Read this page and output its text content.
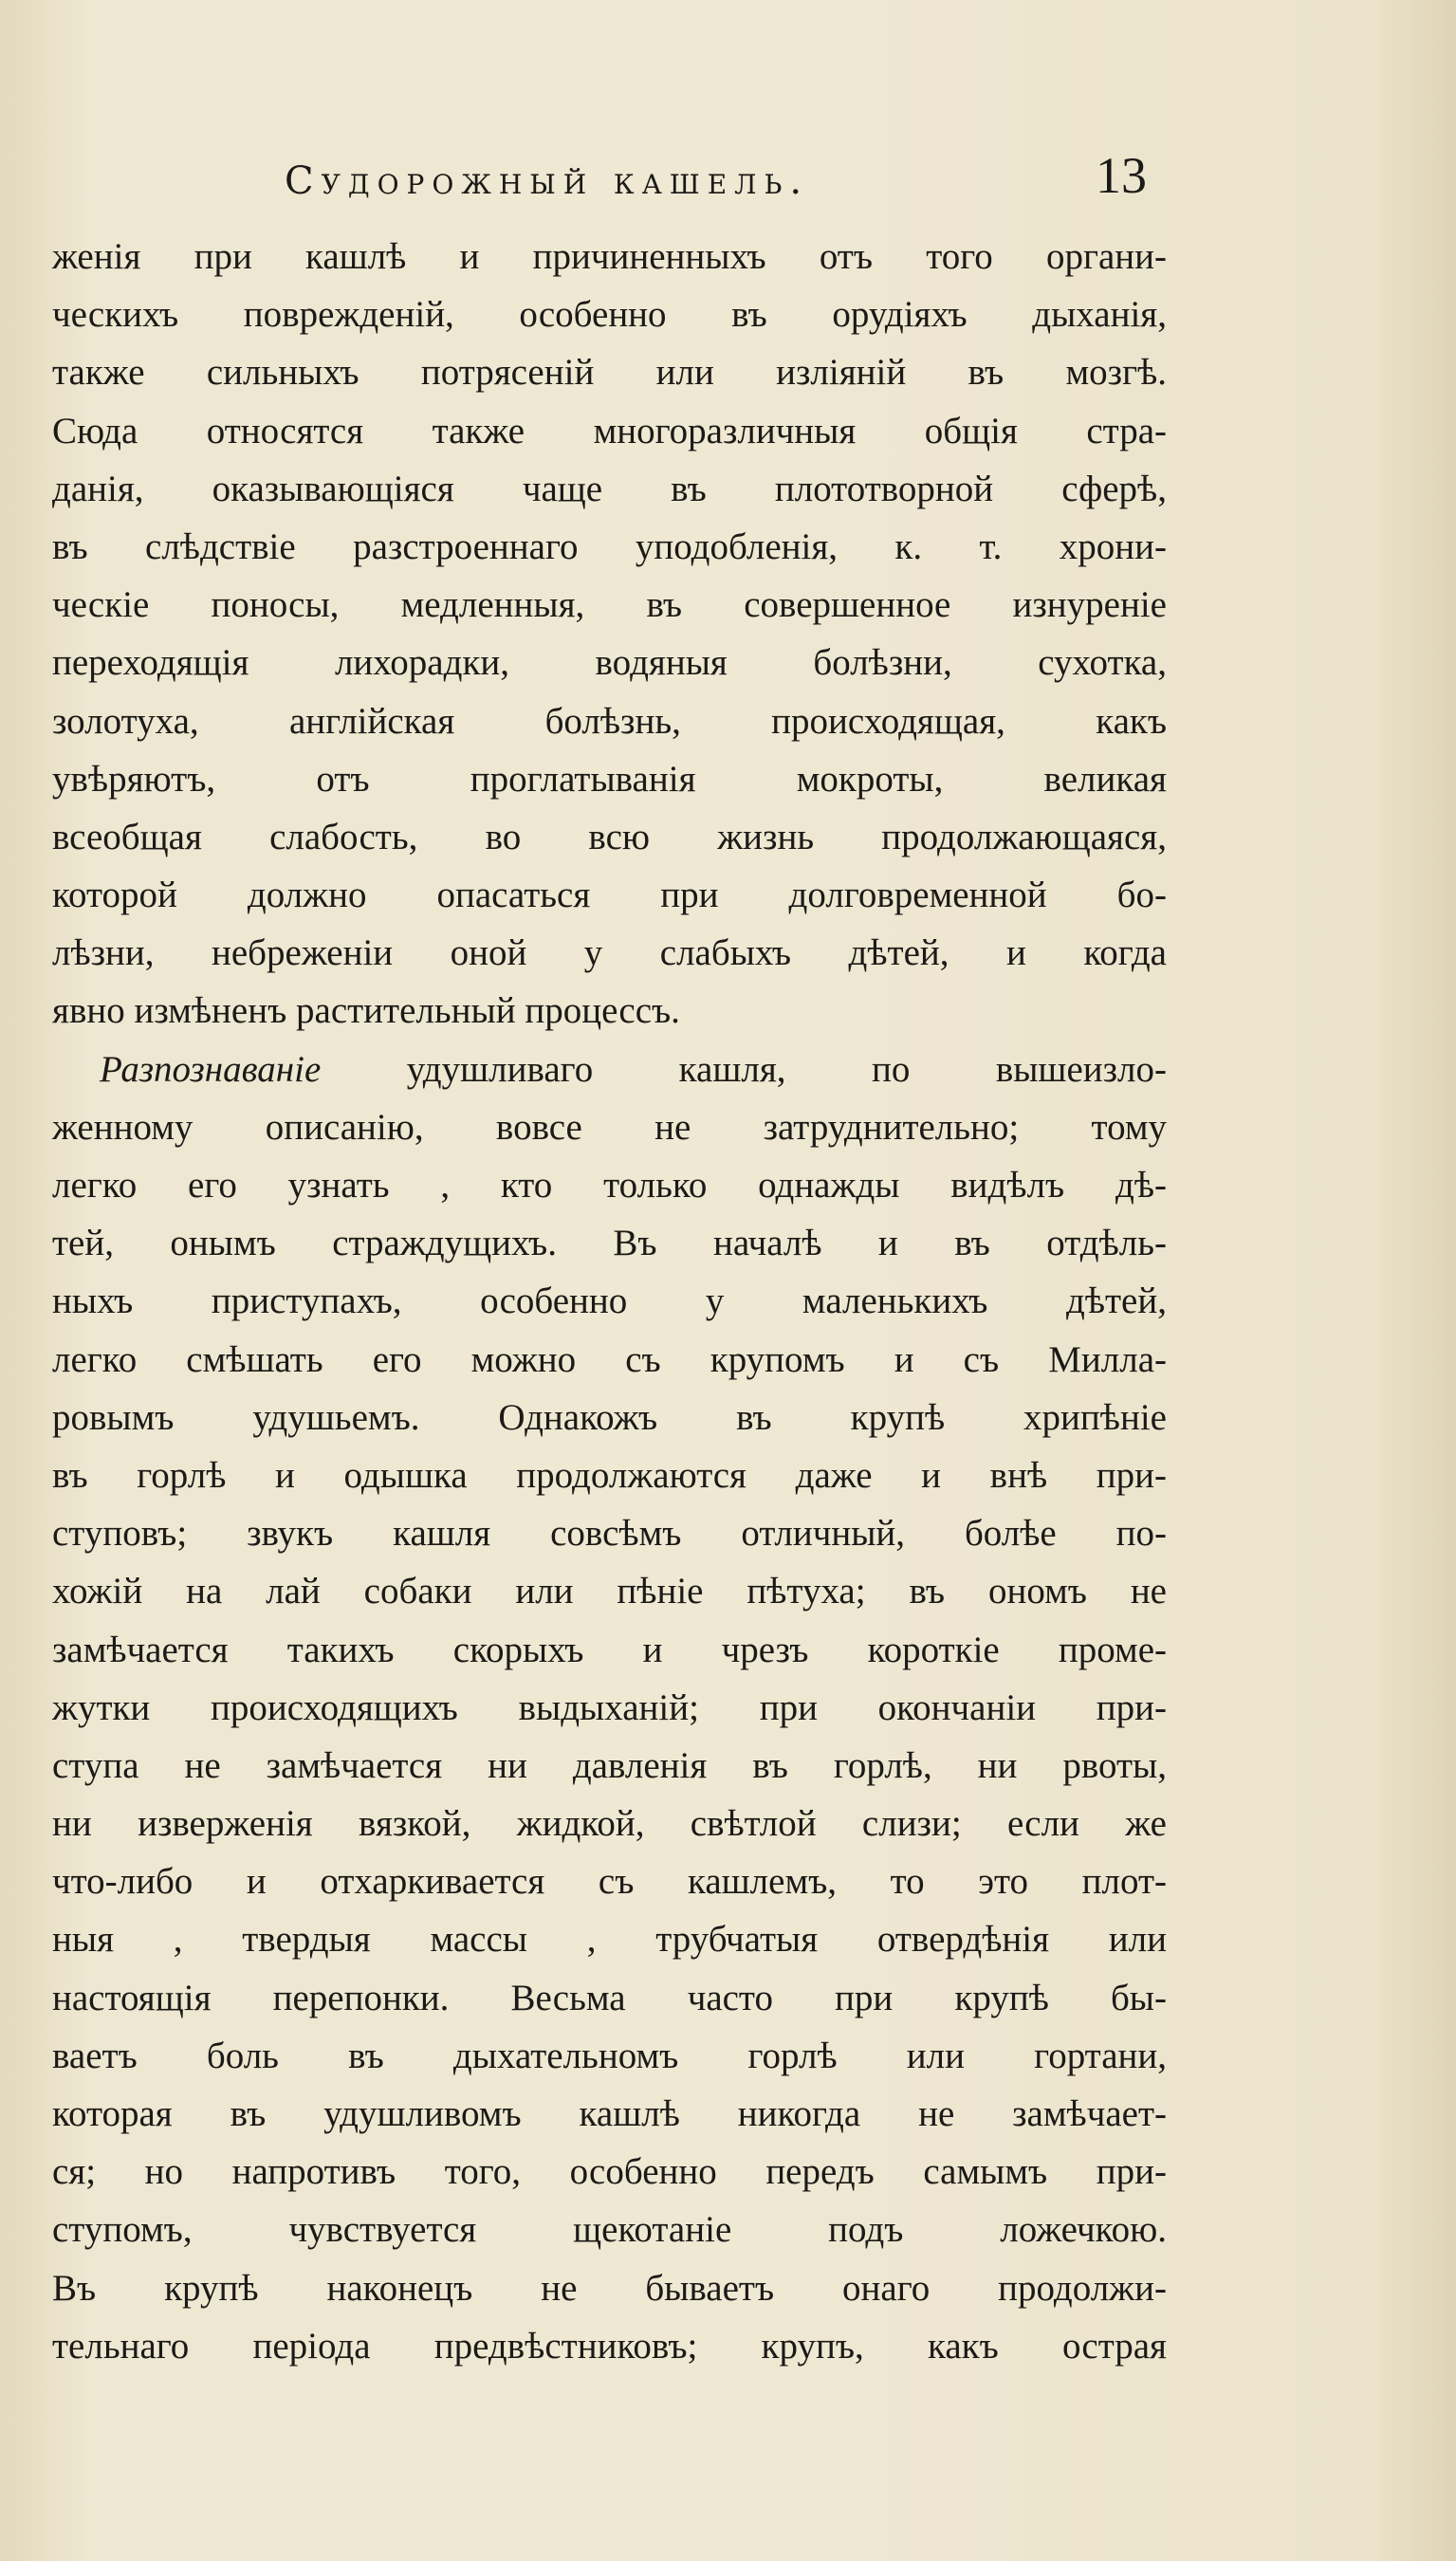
Судорожный кашель.	13
женія при кашлѣ и причиненныхъ отъ того органи-
ческихъ поврежденій, особенно въ орудіяхъ дыханія,
также сильныхъ потрясеній или изліяній въ мозгѣ.
Сюда относятся также многоразличныя общія стра-
данія, оказывающіяся чаще въ плототворной сферѣ,
въ слѣдствіе разстроеннаго уподобленія, к. т. хрони-
ческіе поносы, медленныя, въ совершенное изнуреніе
переходящія лихорадки, водяныя болѣзни, сухотка,
золотуха, англійская болѣзнь, происходящая, какъ
увѣряютъ, отъ проглатыванія мокроты, великая
всеобщая слабость, во всю жизнь продолжающаяся,
которой должно опасаться при долговременной бо-
лѣзни, небреженіи оной у слабыхъ дѣтей, и когда
явно измѣненъ растительный процессъ.
Разпознаваніе удушливаго кашля, по вышеизло-
женному описанію, вовсе не затруднительно; тому
легко его узнать , кто только однажды видѣлъ дѣ-
тей, онымъ страждущихъ. Въ началѣ и въ отдѣль-
ныхъ приступахъ, особенно у маленькихъ дѣтей,
легко смѣшать его можно съ крупомъ и съ Милла-
ровымъ удушьемъ. Однакожъ въ крупѣ хрипѣніе
въ горлѣ и одышка продолжаются даже и внѣ при-
ступовъ; звукъ кашля совсѣмъ отличный, болѣе по-
хожій на лай собаки или пѣніе пѣтуха; въ ономъ не
замѣчается такихъ скорыхъ и чрезъ короткіе проме-
жутки происходящихъ выдыханій; при окончаніи при-
ступа не замѣчается ни давленія въ горлѣ, ни рвоты,
ни изверженія вязкой, жидкой, свѣтлой слизи; если же
что-либо и отхаркивается съ кашлемъ, то это плот-
ныя , твердыя массы , трубчатыя отвердѣнія или
настоящія перепонки. Весьма часто при крупѣ бы-
ваетъ боль въ дыхательномъ горлѣ или гортани,
которая въ удушливомъ кашлѣ никогда не замѣчает-
ся; но напротивъ того, особенно передъ самымъ при-
ступомъ, чувствуется щекотаніе подъ ложечкою.
Въ крупѣ наконецъ не бываетъ онаго продолжи-
тельнаго періода предвѣстниковъ; крупъ, какъ острая
